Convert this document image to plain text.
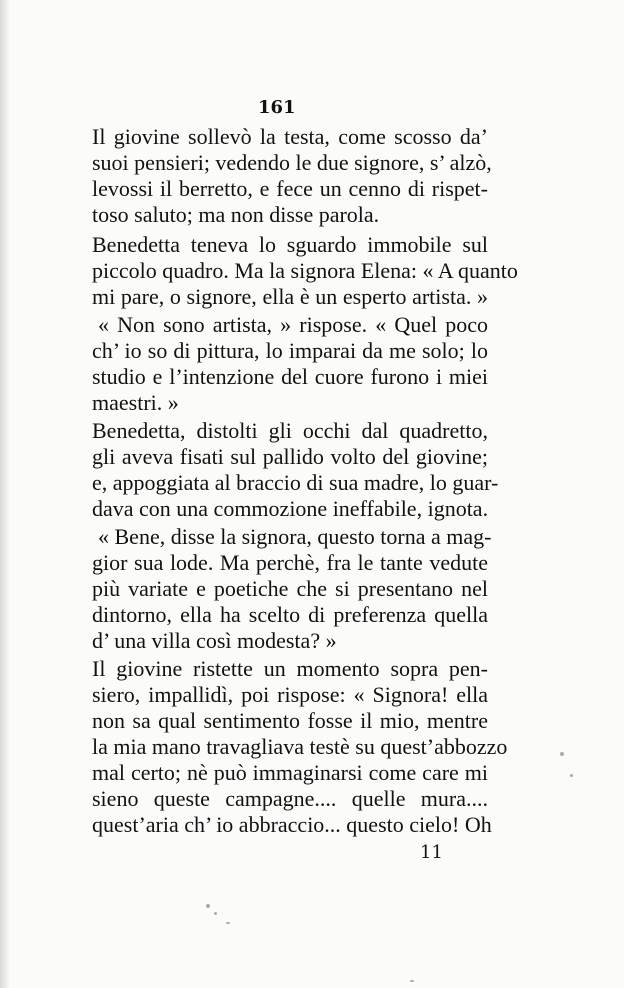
161
Il giovine sollevò la testa, come scosso da’
suoi pensieri; vedendo le due signore, s’ alzò,
levossi il berretto, e fece un cenno di rispet-
toso saluto; ma non disse parola.
Benedetta teneva lo sguardo immobile sul
piccolo quadro. Ma la signora Elena: « A quanto
mi pare, o signore, ella è un esperto artista. »
« Non sono artista, » rispose. « Quel poco
ch’ io so di pittura, lo imparai da me solo; lo
studio e l’intenzione del cuore furono i miei
maestri. »
Benedetta, distolti gli occhi dal quadretto,
gli aveva fisati sul pallido volto del giovine;
e, appoggiata al braccio di sua madre, lo guar-
dava con una commozione ineffabile, ignota.
« Bene, disse la signora, questo torna a mag-
gior sua lode. Ma perchè, fra le tante vedute
più variate e poetiche che si presentano nel
dintorno, ella ha scelto di preferenza quella
d’ una villa così modesta? »
Il giovine ristette un momento sopra pen-
siero, impallidì, poi rispose: « Signora! ella
non sa qual sentimento fosse il mio, mentre
la mia mano travagliava testè su quest’abbozzo
mal certo; nè può immaginarsi come care mi
sieno queste campagne.... quelle mura....
quest’aria ch’ io abbraccio... questo cielo! Oh
11
